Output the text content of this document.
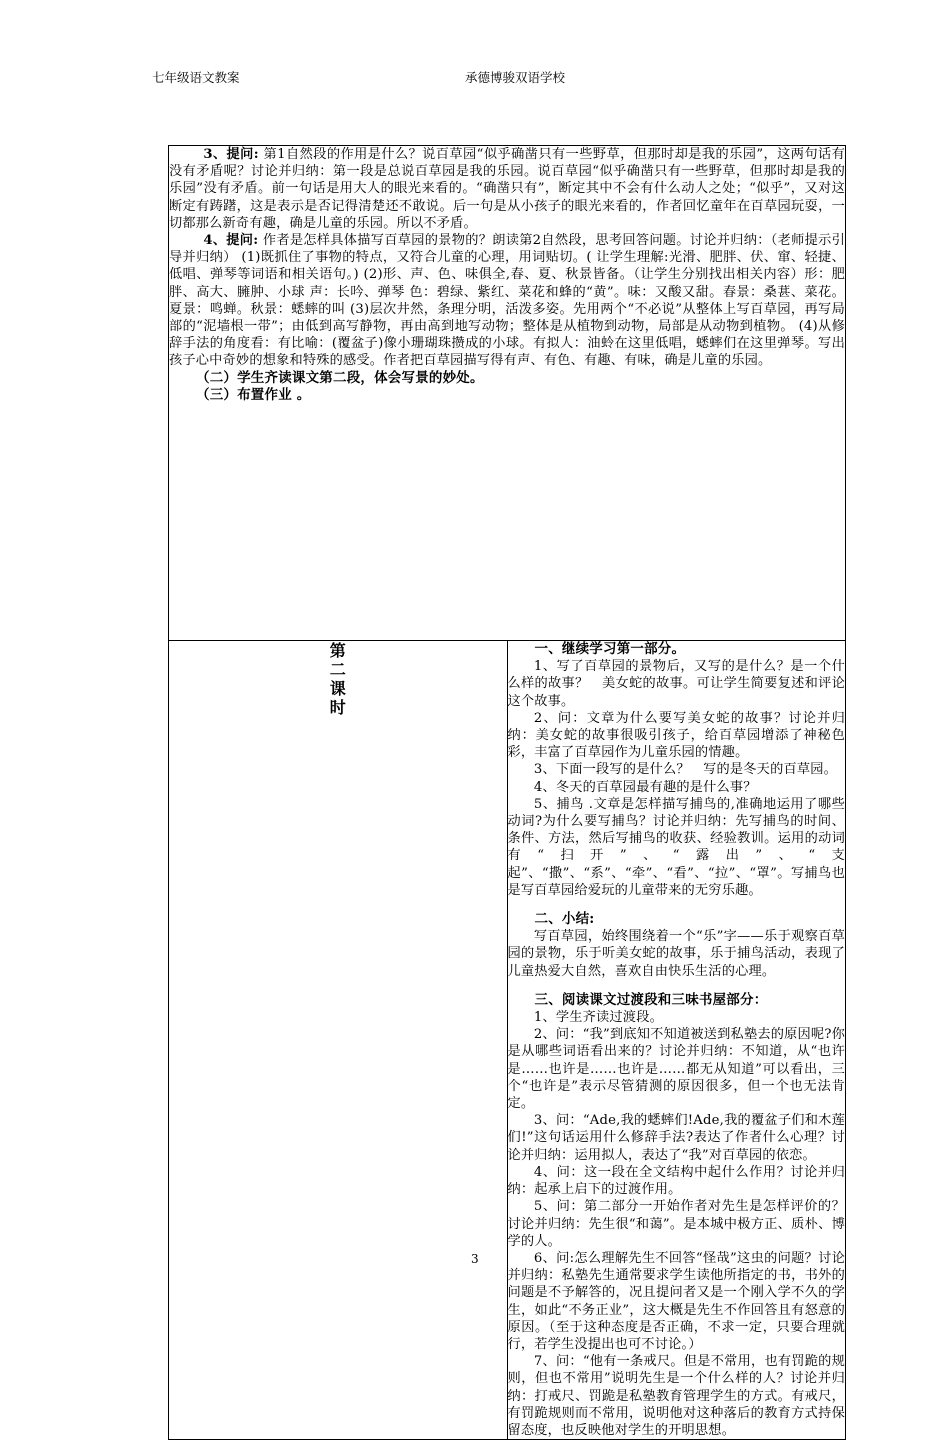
七年级语文教案	承德博骏双语学校

3、提问: 第1自然段的作用是什么？说百草园“似乎确凿只有一些野草，但那时却是我的乐园”，这两句话有没有矛盾呢？讨论并归纳：第一段是总说百草园是我的乐园。说百草园“似乎确凿只有一些野草，但那时却是我的乐园”没有矛盾。前一句话是用大人的眼光来看的。“确凿只有”，断定其中不会有什么动人之处；“似乎”，又对这断定有踌躇，这是表示是否记得清楚还不敢说。后一句是从小孩子的眼光来看的，作者回忆童年在百草园玩耍，一切都那么新奇有趣，确是儿童的乐园。所以不矛盾。

4、提问: 作者是怎样具体描写百草园的景物的？朗读第2自然段，思考回答问题。讨论并归纳：（老师提示引导并归纳） (1)既抓住了事物的特点，又符合儿童的心理，用词贴切。( 让学生理解:光滑、肥胖、伏、窜、轻捷、低唱、弹琴等词语和相关语句。) (2)形、声、色、味俱全,春、夏、秋景皆备。（让学生分别找出相关内容）形：肥胖、高大、臃肿、小球 声：长吟、弹琴 色：碧绿、紫红、菜花和蜂的“黄”。味：又酸又甜。春景：桑葚、菜花。夏景：鸣蝉。秋景：蟋蟀的叫 (3)层次井然，条理分明，活泼多姿。先用两个“不必说”从整体上写百草园，再写局部的“泥墙根一带”；由低到高写静物，再由高到地写动物；整体是从植物到动物，局部是从动物到植物。 (4)从修辞手法的角度看：有比喻：(覆盆子)像小珊瑚珠攒成的小球。有拟人：油蛉在这里低唱，蟋蟀们在这里弹琴。写出孩子心中奇妙的想象和特殊的感受。作者把百草园描写得有声、有色、有趣、有味，确是儿童的乐园。

（二）学生齐读课文第二段，体会写景的妙处。

（三）布置作业 。

第
二
课
时

一、继续学习第一部分。

1、写了百草园的景物后，又写的是什么？是一个什么样的故事？　美女蛇的故事。可让学生简要复述和评论这个故事。

2、问：文章为什么要写美女蛇的故事？讨论并归纳：美女蛇的故事很吸引孩子，给百草园增添了神秘色彩，丰富了百草园作为儿童乐园的情趣。

3、下面一段写的是什么？　写的是冬天的百草园。

4、冬天的百草园最有趣的是什么事？

5、捕鸟 .文章是怎样描写捕鸟的,准确地运用了哪些动词?为什么要写捕鸟？讨论并归纳：先写捕鸟的时间、条件、方法，然后写捕鸟的收获、经验教训。运用的动词有“扫开”、“露出”、“支起”、“撒”、“系”、“牵”、“看”、“拉”、“罩”。写捕鸟也是写百草园给爱玩的儿童带来的无穷乐趣。

二、小结:

写百草园，始终围绕着一个“乐”字——乐于观察百草园的景物，乐于听美女蛇的故事，乐于捕鸟活动，表现了儿童热爱大自然，喜欢自由快乐生活的心理。

三、阅读课文过渡段和三味书屋部分：

1、学生齐读过渡段。

2、问：“我”到底知不知道被送到私塾去的原因呢?你是从哪些词语看出来的？讨论并归纳：不知道，从“也许是……也许是……也许是……都无从知道”可以看出，三个“也许是”表示尽管猜测的原因很多，但一个也无法肯定。

3、问：“Ade,我的蟋蟀们!Ade,我的覆盆子们和木莲们!”这句话运用什么修辞手法?表达了作者什么心理？讨论并归纳：运用拟人，表达了“我”对百草园的依恋。

4、问：这一段在全文结构中起什么作用？讨论并归纳：起承上启下的过渡作用。

5、问：第二部分一开始作者对先生是怎样评价的？讨论并归纳：先生很“和蔼”。是本城中极方正、质朴、博学的人。

6、问:怎么理解先生不回答“怪哉”这虫的问题？讨论并归纳：私塾先生通常要求学生读他所指定的书，书外的问题是不予解答的，况且提问者又是一个刚入学不久的学生，如此“不务正业”，这大概是先生不作回答且有怒意的原因。（至于这种态度是否正确，不求一定，只要合理就行，若学生没提出也可不讨论。）

7、问：“他有一条戒尺。但是不常用，也有罚跪的规则，但也不常用”说明先生是一个什么样的人？讨论并归纳：打戒尺、罚跪是私塾教育管理学生的方式。有戒尺，有罚跪规则而不常用，说明他对这种落后的教育方式持保留态度，也反映他对学生的开明思想。

3
